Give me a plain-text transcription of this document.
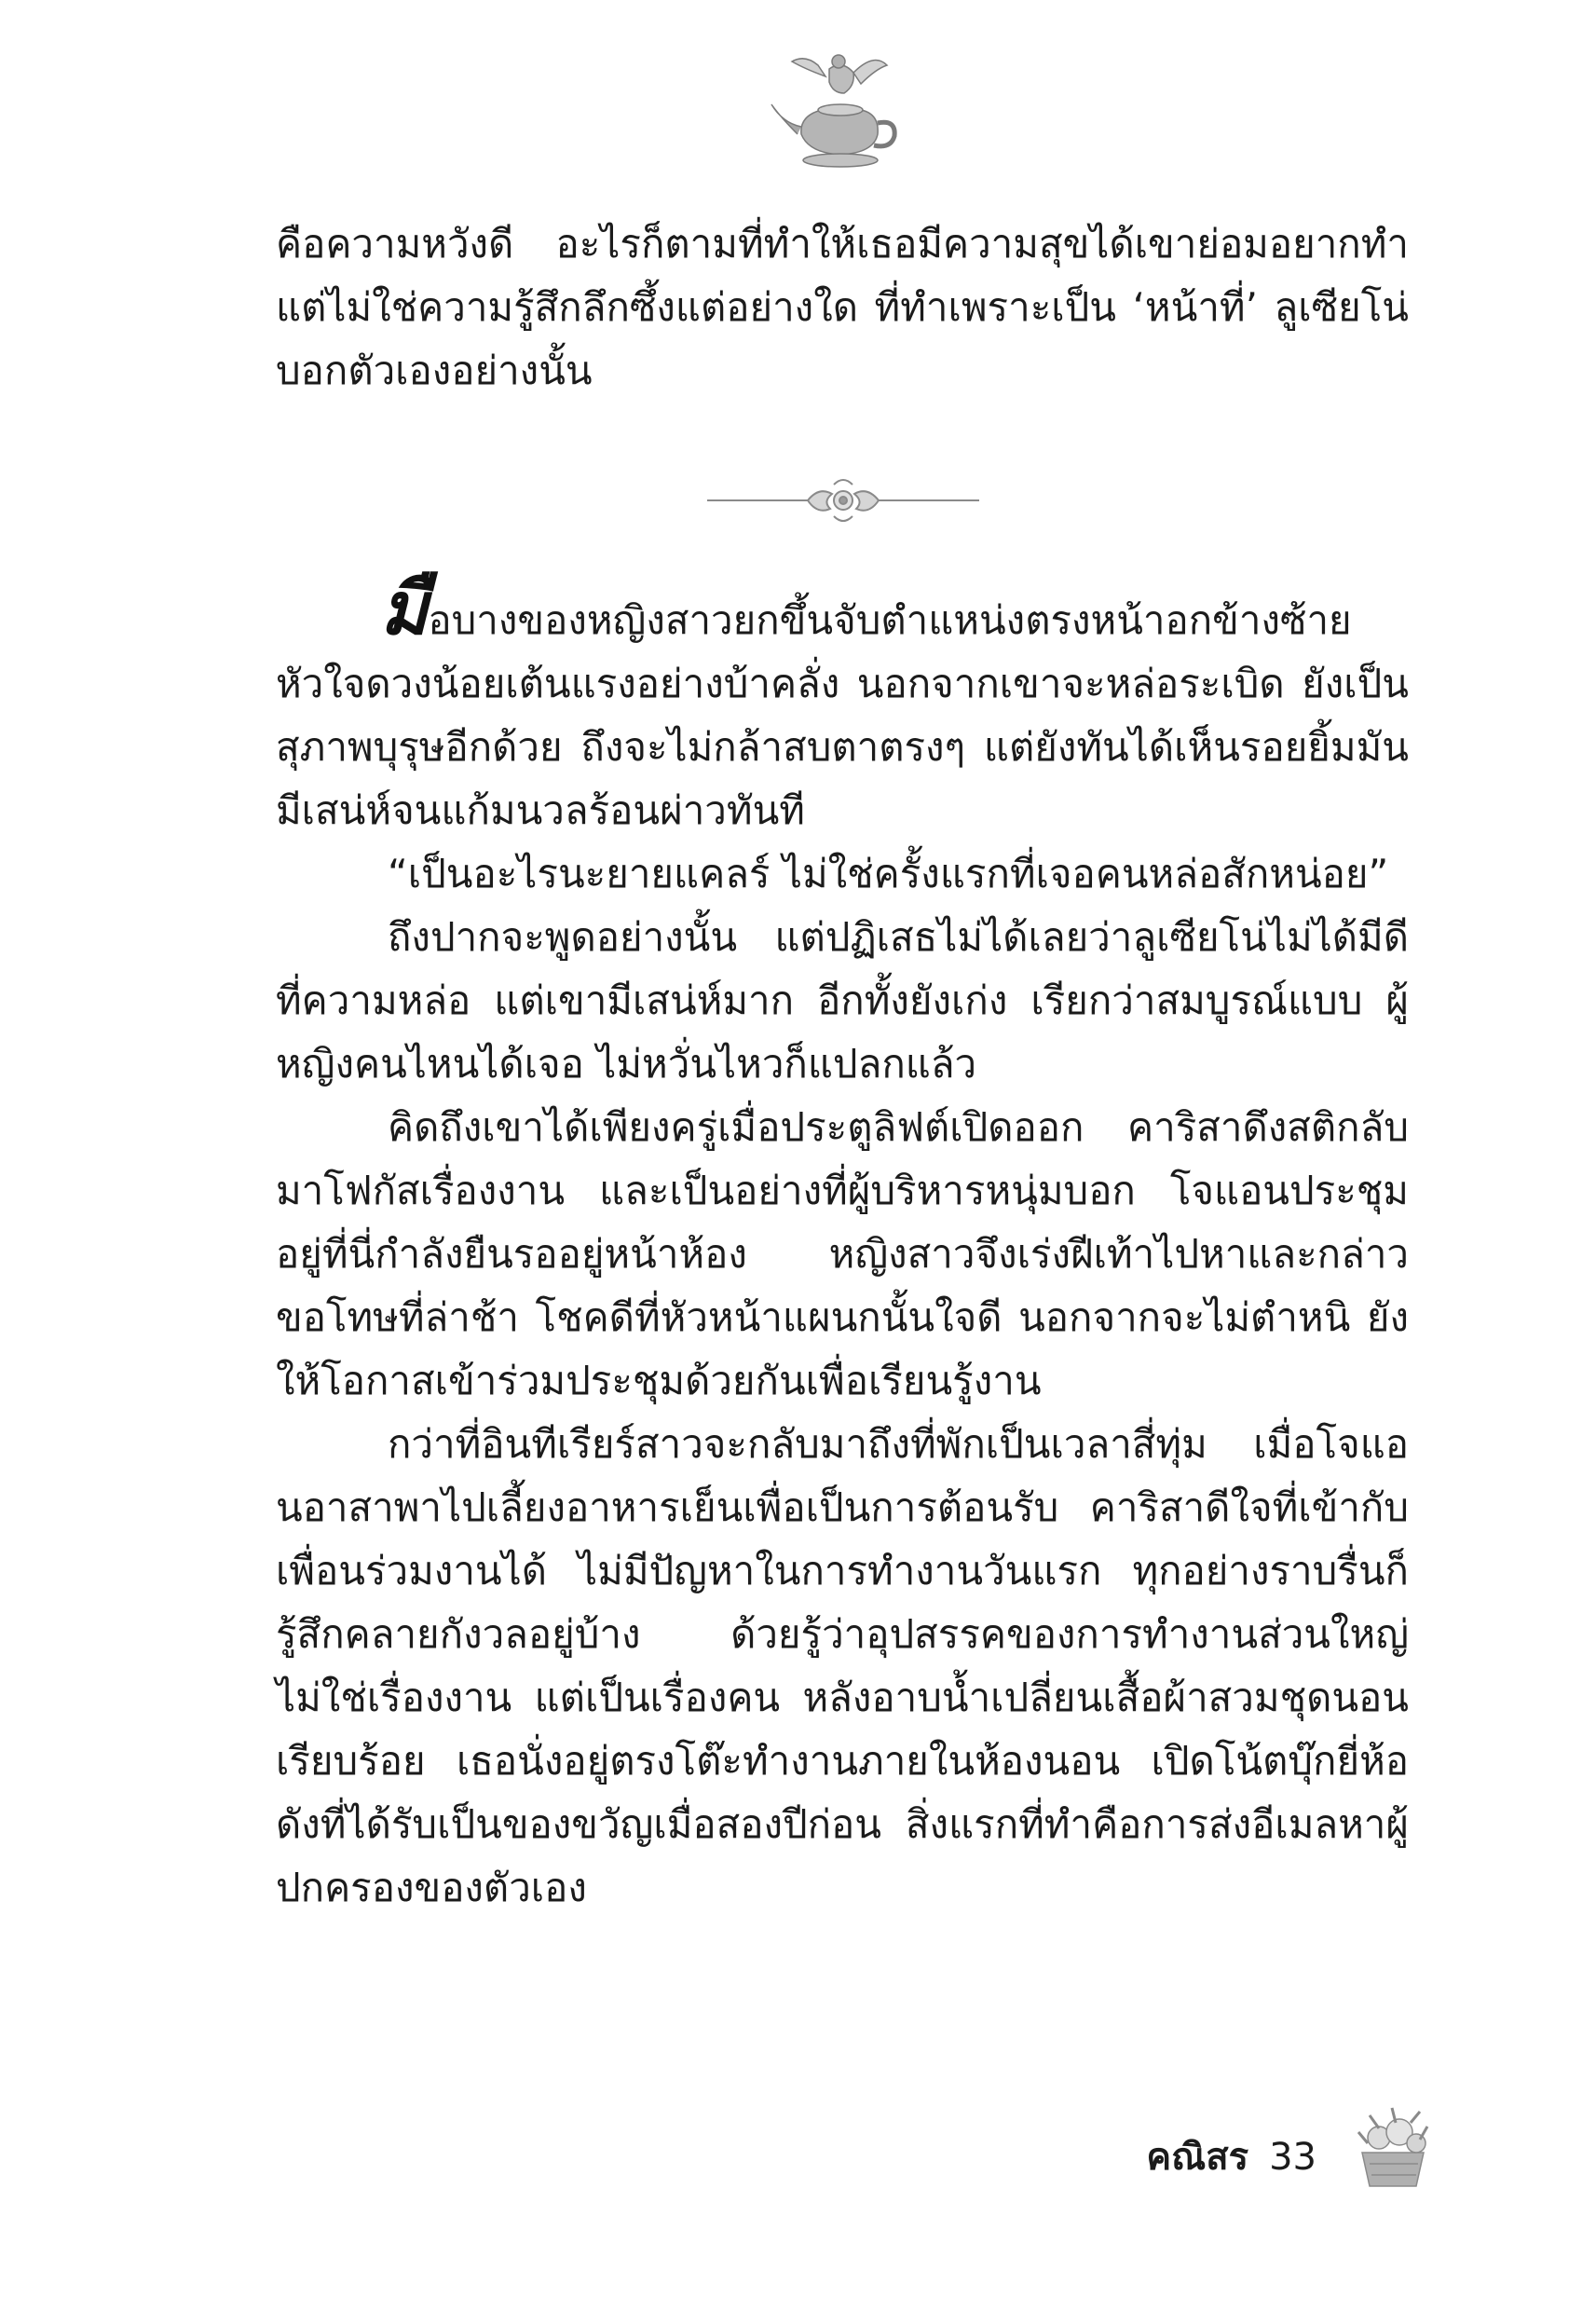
คือความหวังดี อะไรก็ตามที่ทำให้เธอมีความสุขได้เขาย่อมอยากทำ แต่ไม่ใช่ความรู้สึกลึกซึ้งแต่อย่างใด ที่ทำเพราะเป็น ‘หน้าที่’ ลูเซียโน่บอกตัวเองอย่างนั้น

มือบางของหญิงสาวยกขึ้นจับตำแหน่งตรงหน้าอกข้างซ้าย หัวใจดวงน้อยเต้นแรงอย่างบ้าคลั่ง นอกจากเขาจะหล่อระเบิด ยังเป็นสุภาพบุรุษอีกด้วย ถึงจะไม่กล้าสบตาตรงๆ แต่ยังทันได้เห็นรอยยิ้มมันมีเสน่ห์จนแก้มนวลร้อนผ่าวทันที

“เป็นอะไรนะยายแคลร์ ไม่ใช่ครั้งแรกที่เจอคนหล่อสักหน่อย”

ถึงปากจะพูดอย่างนั้น แต่ปฏิเสธไม่ได้เลยว่าลูเซียโน่ไม่ได้มีดีที่ความหล่อ แต่เขามีเสน่ห์มาก อีกทั้งยังเก่ง เรียกว่าสมบูรณ์แบบ ผู้หญิงคนไหนได้เจอ ไม่หวั่นไหวก็แปลกแล้ว

คิดถึงเขาได้เพียงครู่เมื่อประตูลิฟต์เปิดออก คาริสาดึงสติกลับมาโฟกัสเรื่องงาน และเป็นอย่างที่ผู้บริหารหนุ่มบอก โจแอนประชุมอยู่ที่นี่กำลังยืนรออยู่หน้าห้อง หญิงสาวจึงเร่งฝีเท้าไปหาและกล่าวขอโทษที่ล่าช้า โชคดีที่หัวหน้าแผนกนั้นใจดี นอกจากจะไม่ตำหนิ ยังให้โอกาสเข้าร่วมประชุมด้วยกันเพื่อเรียนรู้งาน

กว่าที่อินทีเรียร์สาวจะกลับมาถึงที่พักเป็นเวลาสี่ทุ่ม เมื่อโจแอนอาสาพาไปเลี้ยงอาหารเย็นเพื่อเป็นการต้อนรับ คาริสาดีใจที่เข้ากับเพื่อนร่วมงานได้ ไม่มีปัญหาในการทำงานวันแรก ทุกอย่างราบรื่นก็รู้สึกคลายกังวลอยู่บ้าง ด้วยรู้ว่าอุปสรรคของการทำงานส่วนใหญ่ไม่ใช่เรื่องงาน แต่เป็นเรื่องคน หลังอาบน้ำเปลี่ยนเสื้อผ้าสวมชุดนอนเรียบร้อย เธอนั่งอยู่ตรงโต๊ะทำงานภายในห้องนอน เปิดโน้ตบุ๊กยี่ห้อดังที่ได้รับเป็นของขวัญเมื่อสองปีก่อน สิ่งแรกที่ทำคือการส่งอีเมลหาผู้ปกครองของตัวเอง

คณิสร 33
